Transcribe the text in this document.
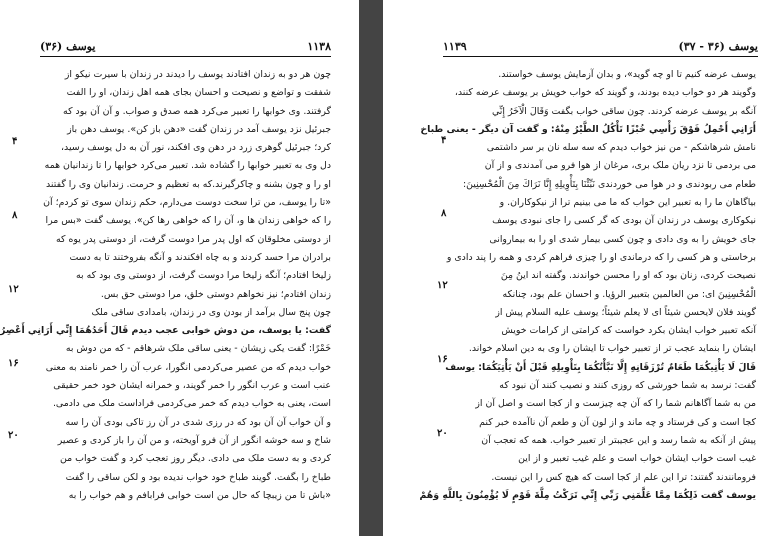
۱۱۳۸
یوسف (۳۶)
چون هر دو به زندان افتادند یوسف را دیدند در زندان با سیرت نیکو از
شفقت و تواضع و نصیحت و احسان بجای همه اهل زندان، او را الفت
گرفتند. وی خوابها را تعبیر می‌کرد همه صدق و صواب. و آن آن بود که
جبرئیل نزد یوسف آمد در زندان گفت «دهن باز کن». یوسف دهن باز
کرد؛ جبرئیل گوهری زرد در دهن وی افکند، نور آن به دل یوسف رسید،
دل وی به تعبیر خوابها را گشاده شد. تعبیر می‌کرد خوابها را تا زندانیان همه
او را و چون بشنه و چاکرگیرند.که به تعظیم و حرمت. زندانیان وی را گفتند
«تا را یوسف، من ترا سخت دوست می‌دارم، حکم زندان سوی تو کردم؛ آن
را که خواهی زندان ها و، آن را که خواهی رها کن». یوسف گفت «بس مرا
از دوستی مخلوقان که اول پدر مرا دوست گرفت، از دوستی پدر یوه که
برادران مرا حسد کردند و به چاه افکندند و آنگه بفروختند تا به دست
زلیخا افتادم؛ آنگه زلیخا مرا دوست گرفت، از دوستی وی بود که به
زندان افتادم؛ نیز نخواهم دوستی خلق، مرا دوستی حق بس.
چون پنج سال برآمد از بودن وی در زندان، بامدادی ساقی ملک
گفت: یا یوسف، من دوش خوابی عجب دیدم قَالَ أَحَدُهُمَا إِنِّي أَرَانِي أَعْصِرُ
خَمْرًا: گفت یکی زیشان - یعنی ساقی ملک شرهاقم - که من دوش به
خواب دیدم که من عصیر می‌کردمی انگورا، عرب آن را خمر نامند به معنی
عنب است و عرب انگور را خمر گویند، و خمرانه ایشان خود خمر حقیقی
است، یعنی به خواب دیدم که خمر می‌کردمی فراداست ملک می دادمی.
و آن خواب آن آن بود که در رزی شدی در آن رز تاکی بودی آن را سه
شاخ و سه خوشه انگور از آن فرو آویخته، و من آن را باز کردی و عصیر
کردی و به دست ملک می دادی. دیگر روز تعجب کرد و گفت خواب من
طباخ را بگفت. گویند طباخ خود خواب ندیده بود و لکن ساقی را گفت
«باش تا من زیبچا که حال من است خوابی فرابافم و هم خواب را به
۴
۸
۱۲
۱۶
۲۰
۱۱۳۹	یوسف (۳۶ - ۳۷)
یوسف عرضه کنیم تا او چه گوید»، و بدان آزمایش یوسف خواستند.
وگویند هر دو خواب دیده بودند، و گویند که خواب خویش بر یوسف عرضه کنند،
آنگه بر یوسف عرضه کردند. چون ساقی خواب بگفت وَقَالَ الْآخَرُ إِنِّي
أَرَانِي أَحْمِلُ فَوْقَ رَأْسِي خُبْزًا تَأْكُلُ الطَّيْرُ مِنْهُ: و گفت آن دیگر - یعنی طباخ
نامش شرهاشکم - من نیز خواب دیدم که سه سله نان بر سر داشتمی
می بردمی تا نزد ریان ملک بری، مرغان از هوا فرو می آمدندی و از آن
طعام می ربودندی و در هوا می خوردندی نَبِّئْنَا بِتَأْوِيلِهِ إِنَّا نَرَاكَ مِنَ الْمُحْسِنِينَ:
بیاگاهان ما را به تعبیر این خواب که ما می بینیم ترا از نیکوکاران. و
نیکوکاری یوسف در زندان آن بودی که گر کسی را جای نبودی یوسف
جای خویش را به وی دادی و چون کسی بیمار شدی او را به بیماروانی
برخاستی و هر کسی را که درماندی او را چیزی فراهم کردی و همه را پند دادی و
نصیحت کردی، زنان بود که او را محسن خواندند. وگفته اند اینُ مِنَ
الْمُحْسِنِينَ ای: من العالمین بتعبیر الرؤیا. و احسان علم بود، چنانکه
گویند فلان لایحسن شیئاً ای لا یعلم شیئاً؛ یوسف علیه السلام پیش از
آنکه تعبیر خواب ایشان بکرد خواست که کرامتی از کرامات خویش
ایشان را بنماید عجب تر از تعبیر خواب تا ایشان را وی به دین اسلام خواند.
قَالَ لَا يَأْتِيكُمَا طَعَامٌ تُرْزَقَانِهِ إِلَّا نَبَّأْتُكُمَا بِتَأْوِيلِهِ قَبْلَ أَنْ يَأْتِيَكُمَا: یوسف
گفت: نرسد به شما خورشی که روزی کنند و نصیب کنند آن نبود که
من به شما آگاهانم شما را که آن چه چیزست و از کجا است و اصل آن از
کجا است و کی فرستاد و چه ماند و از لون آن و طعم آن ناآمده خبر کنم
پیش از آنکه به شما رسد و این عجیبتر از تعبیر خواب. همه که تعجب آن
غیب است خواب ایشان خواب است و علم غیب تعبیر و از این
فرومانندند گفتند: ترا این علم از کجا است که هیچ کس را این نیست.
یوسف گفت ذَلِكُمَا مِمَّا عَلَّمَنِي رَبِّي إِنِّي تَرَكْتُ مِلَّةَ قَوْمٍ لَا يُؤْمِنُونَ بِاللَّهِ وَهُمْ
۴
۸
۱۲
۱۶
۲۰
